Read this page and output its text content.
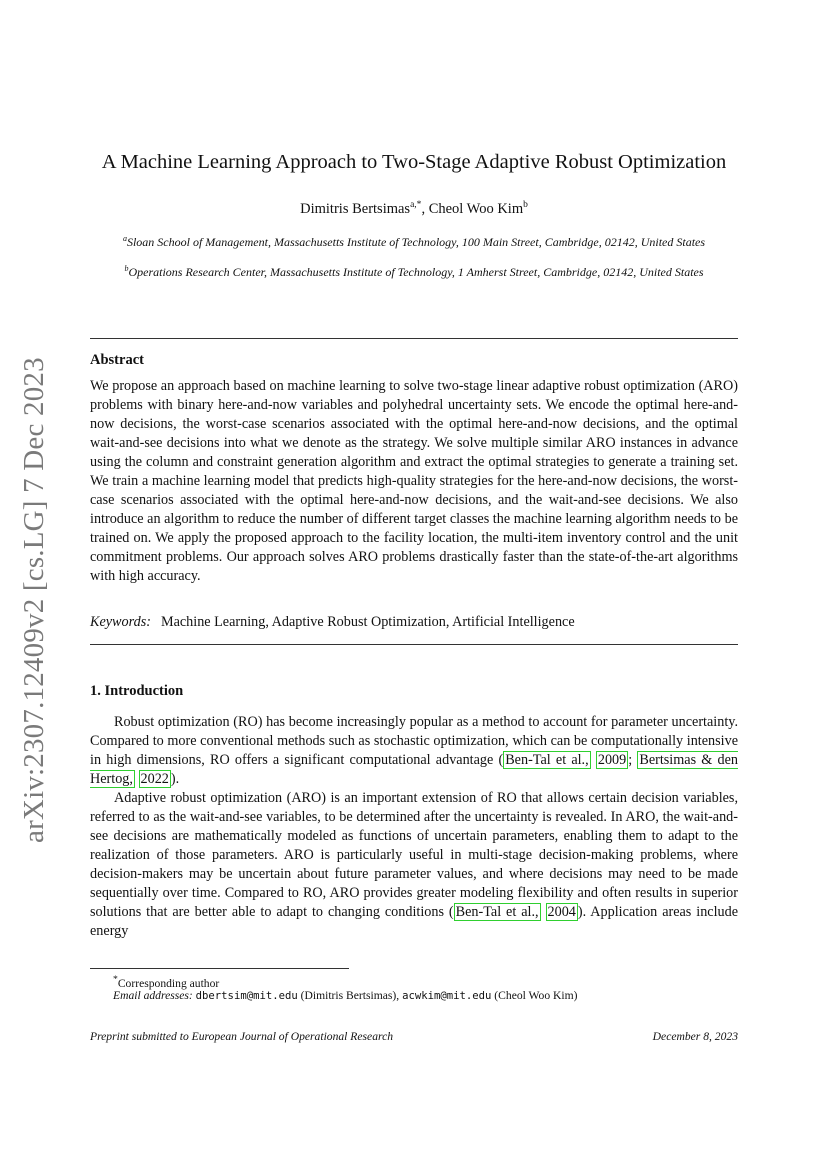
arXiv:2307.12409v2 [cs.LG] 7 Dec 2023
A Machine Learning Approach to Two-Stage Adaptive Robust Optimization
Dimitris Bertsimas$^{a,*}$, Cheol Woo Kim$^b$
$^a$Sloan School of Management, Massachusetts Institute of Technology, 100 Main Street, Cambridge, 02142, United States
$^b$Operations Research Center, Massachusetts Institute of Technology, 1 Amherst Street, Cambridge, 02142, United States
Abstract

We propose an approach based on machine learning to solve two-stage linear adaptive robust optimization (ARO) problems with binary here-and-now variables and polyhedral uncertainty sets. We encode the optimal here-and-now decisions, the worst-case scenarios associated with the optimal here-and-now decisions, and the optimal wait-and-see decisions into what we denote as the strategy. We solve multiple similar ARO instances in advance using the column and constraint generation algorithm and extract the optimal strategies to generate a training set. We train a machine learning model that predicts high-quality strategies for the here-and-now decisions, the worst-case scenarios associated with the optimal here-and-now decisions, and the wait-and-see decisions. We also introduce an algorithm to reduce the number of different target classes the machine learning algorithm needs to be trained on. We apply the proposed approach to the facility location, the multi-item inventory control and the unit commitment problems. Our approach solves ARO problems drastically faster than the state-of-the-art algorithms with high accuracy.

Keywords: Machine Learning, Adaptive Robust Optimization, Artificial Intelligence
1. Introduction

Robust optimization (RO) has become increasingly popular as a method to account for parameter uncertainty. Compared to more conventional methods such as stochastic optimization, which can be computationally intensive in high dimensions, RO offers a significant computational advantage ( Ben-Tal et al., 2009 ; Bertsimas & den Hertog, 2022 ).

Adaptive robust optimization (ARO) is an important extension of RO that allows certain decision variables, referred to as the wait-and-see variables, to be determined after the uncertainty is revealed. In ARO, the wait-and-see decisions are mathematically modeled as functions of uncertain parameters, enabling them to adapt to the realization of those parameters. ARO is particularly useful in multi-stage decision-making problems, where decision-makers may be uncertain about future parameter values, and where decisions may need to be made sequentially over time. Compared to RO, ARO provides greater modeling flexibility and often results in superior solutions that are better able to adapt to changing conditions ( Ben-Tal et al., 2004 ). Application areas include energy

*Corresponding author
Email addresses: dbertsim@mit.edu (Dimitris Bertsimas), acwkim@mit.edu (Cheol Woo Kim)
Preprint submitted to European Journal of Operational Research	December 8, 2023
